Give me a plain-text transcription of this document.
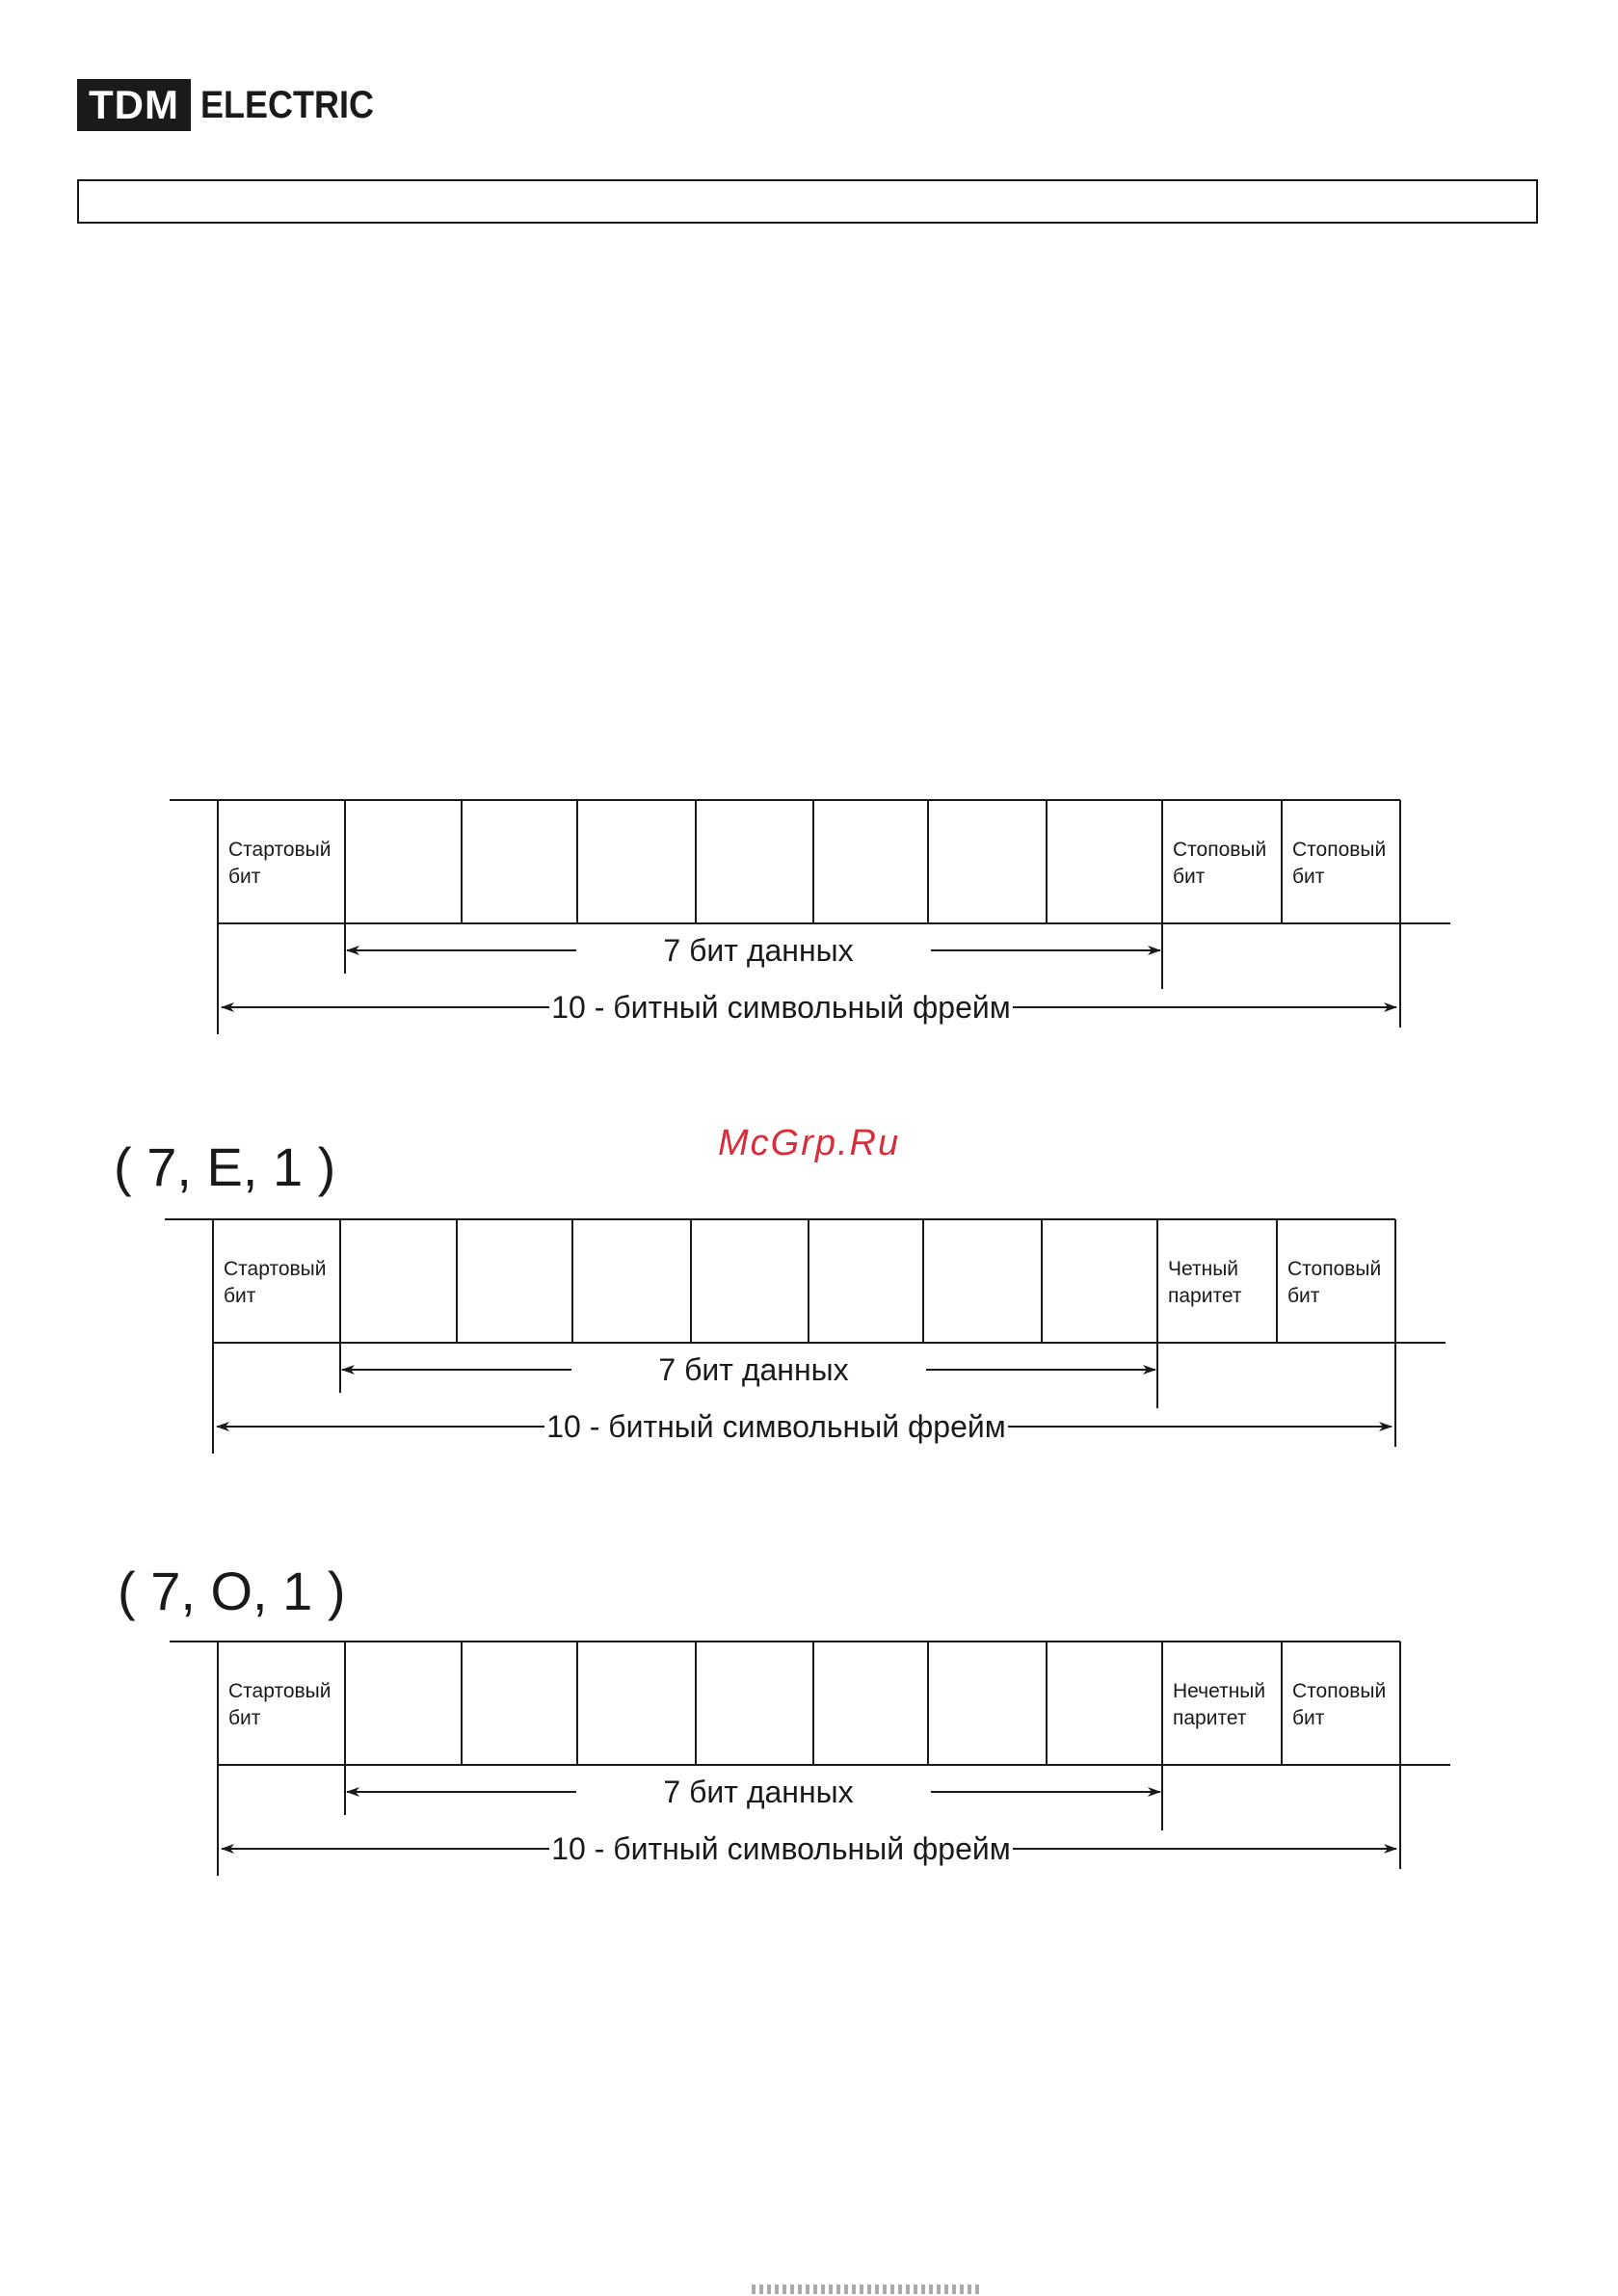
TDM ELECTRIC
( 7, E, 1 )
( 7, O, 1 )
McGrp.Ru
Стартовый бит
Стоповый бит
Стоповый бит
7 бит данных
10 - битный символьный фрейм
Стартовый бит
Четный паритет
Стоповый бит
7 бит данных
10 - битный символьный фрейм
Стартовый бит
Нечетный паритет
Стоповый бит
7 бит данных
10 - битный символьный фрейм
